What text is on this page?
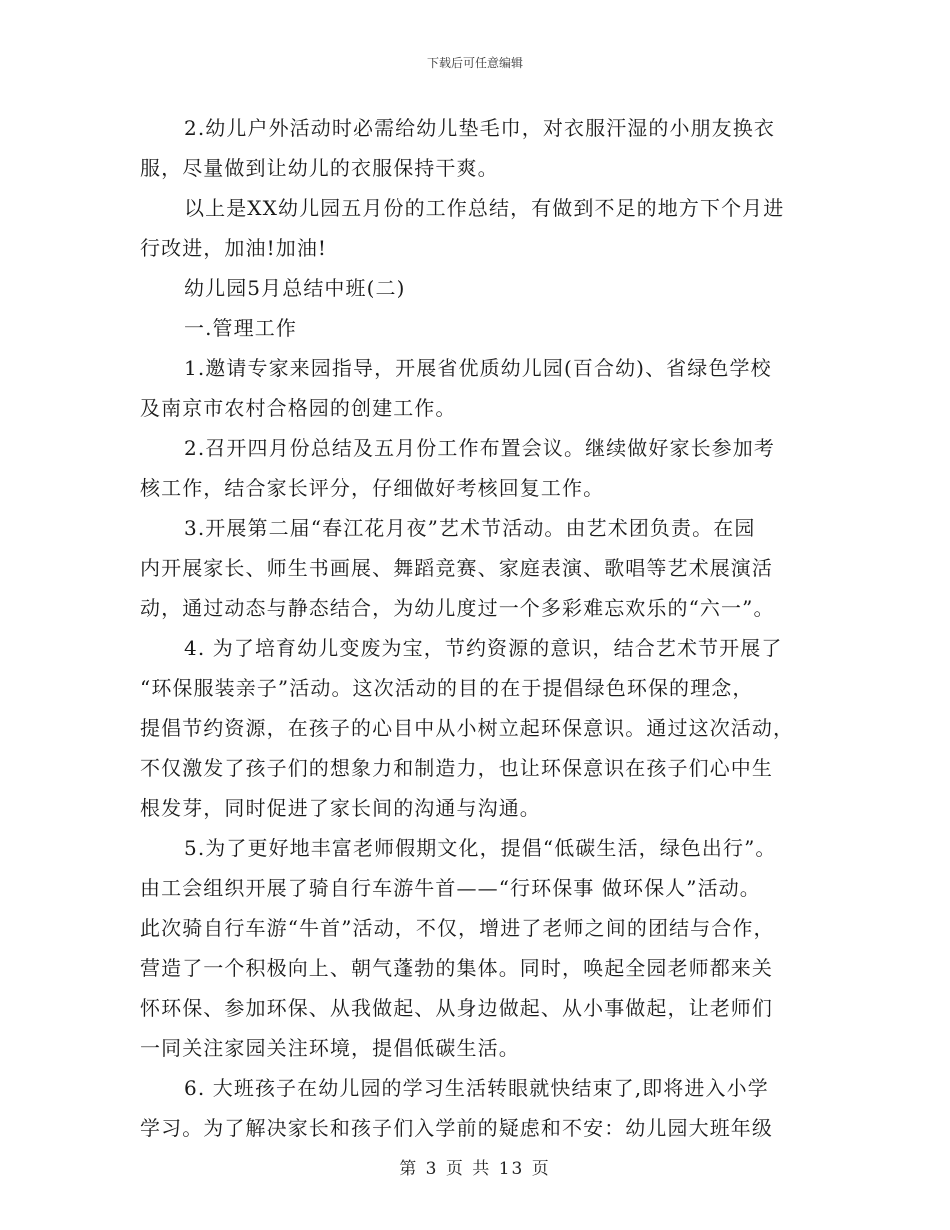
下载后可任意编辑
2.幼儿户外活动时必需给幼儿垫毛巾，对衣服汗湿的小朋友换衣
服，尽量做到让幼儿的衣服保持干爽。
以上是XX幼儿园五月份的工作总结，有做到不足的地方下个月进
行改进，加油!加油!
幼儿园5月总结中班(二)
一.管理工作
1.邀请专家来园指导，开展省优质幼儿园(百合幼)、省绿色学校
及南京市农村合格园的创建工作。
2.召开四月份总结及五月份工作布置会议。继续做好家长参加考
核工作，结合家长评分，仔细做好考核回复工作。
3.开展第二届“春江花月夜”艺术节活动。由艺术团负责。在园
内开展家长、师生书画展、舞蹈竞赛、家庭表演、歌唱等艺术展演活
动，通过动态与静态结合，为幼儿度过一个多彩难忘欢乐的“六一”。
4. 为了培育幼儿变废为宝，节约资源的意识，结合艺术节开展了
“环保服装亲子”活动。这次活动的目的在于提倡绿色环保的理念，
提倡节约资源，在孩子的心目中从小树立起环保意识。通过这次活动，
不仅激发了孩子们的想象力和制造力，也让环保意识在孩子们心中生
根发芽，同时促进了家长间的沟通与沟通。
5.为了更好地丰富老师假期文化，提倡“低碳生活，绿色出行”。
由工会组织开展了骑自行车游牛首——“行环保事 做环保人”活动。
此次骑自行车游“牛首”活动，不仅，增进了老师之间的团结与合作，
营造了一个积极向上、朝气蓬勃的集体。同时，唤起全园老师都来关
怀环保、参加环保、从我做起、从身边做起、从小事做起，让老师们
一同关注家园关注环境，提倡低碳生活。
6. 大班孩子在幼儿园的学习生活转眼就快结束了,即将进入小学
学习。为了解决家长和孩子们入学前的疑虑和不安：幼儿园大班年级
第 3 页 共 13 页
